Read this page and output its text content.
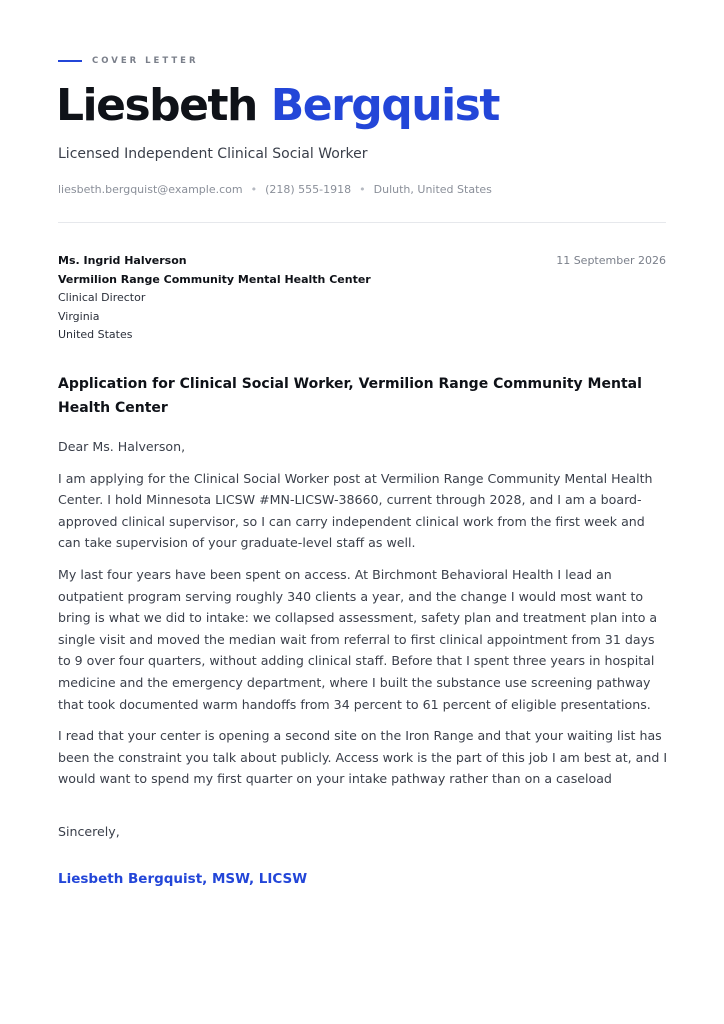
COVER LETTER
Liesbeth Bergquist
Licensed Independent Clinical Social Worker
liesbeth.bergquist@example.com • (218) 555-1918 • Duluth, United States
Ms. Ingrid Halverson
Vermilion Range Community Mental Health Center
Clinical Director
Virginia
United States
11 September 2026
Application for Clinical Social Worker, Vermilion Range Community Mental Health Center

Dear Ms. Halverson,

I am applying for the Clinical Social Worker post at Vermilion Range Community Mental Health Center. I hold Minnesota LICSW #MN-LICSW-38660, current through 2028, and I am a board-approved clinical supervisor, so I can carry independent clinical work from the first week and can take supervision of your graduate-level staff as well.

My last four years have been spent on access. At Birchmont Behavioral Health I lead an outpatient program serving roughly 340 clients a year, and the change I would most want to bring is what we did to intake: we collapsed assessment, safety plan and treatment plan into a single visit and moved the median wait from referral to first clinical appointment from 31 days to 9 over four quarters, without adding clinical staff. Before that I spent three years in hospital medicine and the emergency department, where I built the substance use screening pathway that took documented warm handoffs from 34 percent to 61 percent of eligible presentations.

I read that your center is opening a second site on the Iron Range and that your waiting list has been the constraint you talk about publicly. Access work is the part of this job I am best at, and I would want to spend my first quarter on your intake pathway rather than on a caseload

Sincerely,
Liesbeth Bergquist, MSW, LICSW
